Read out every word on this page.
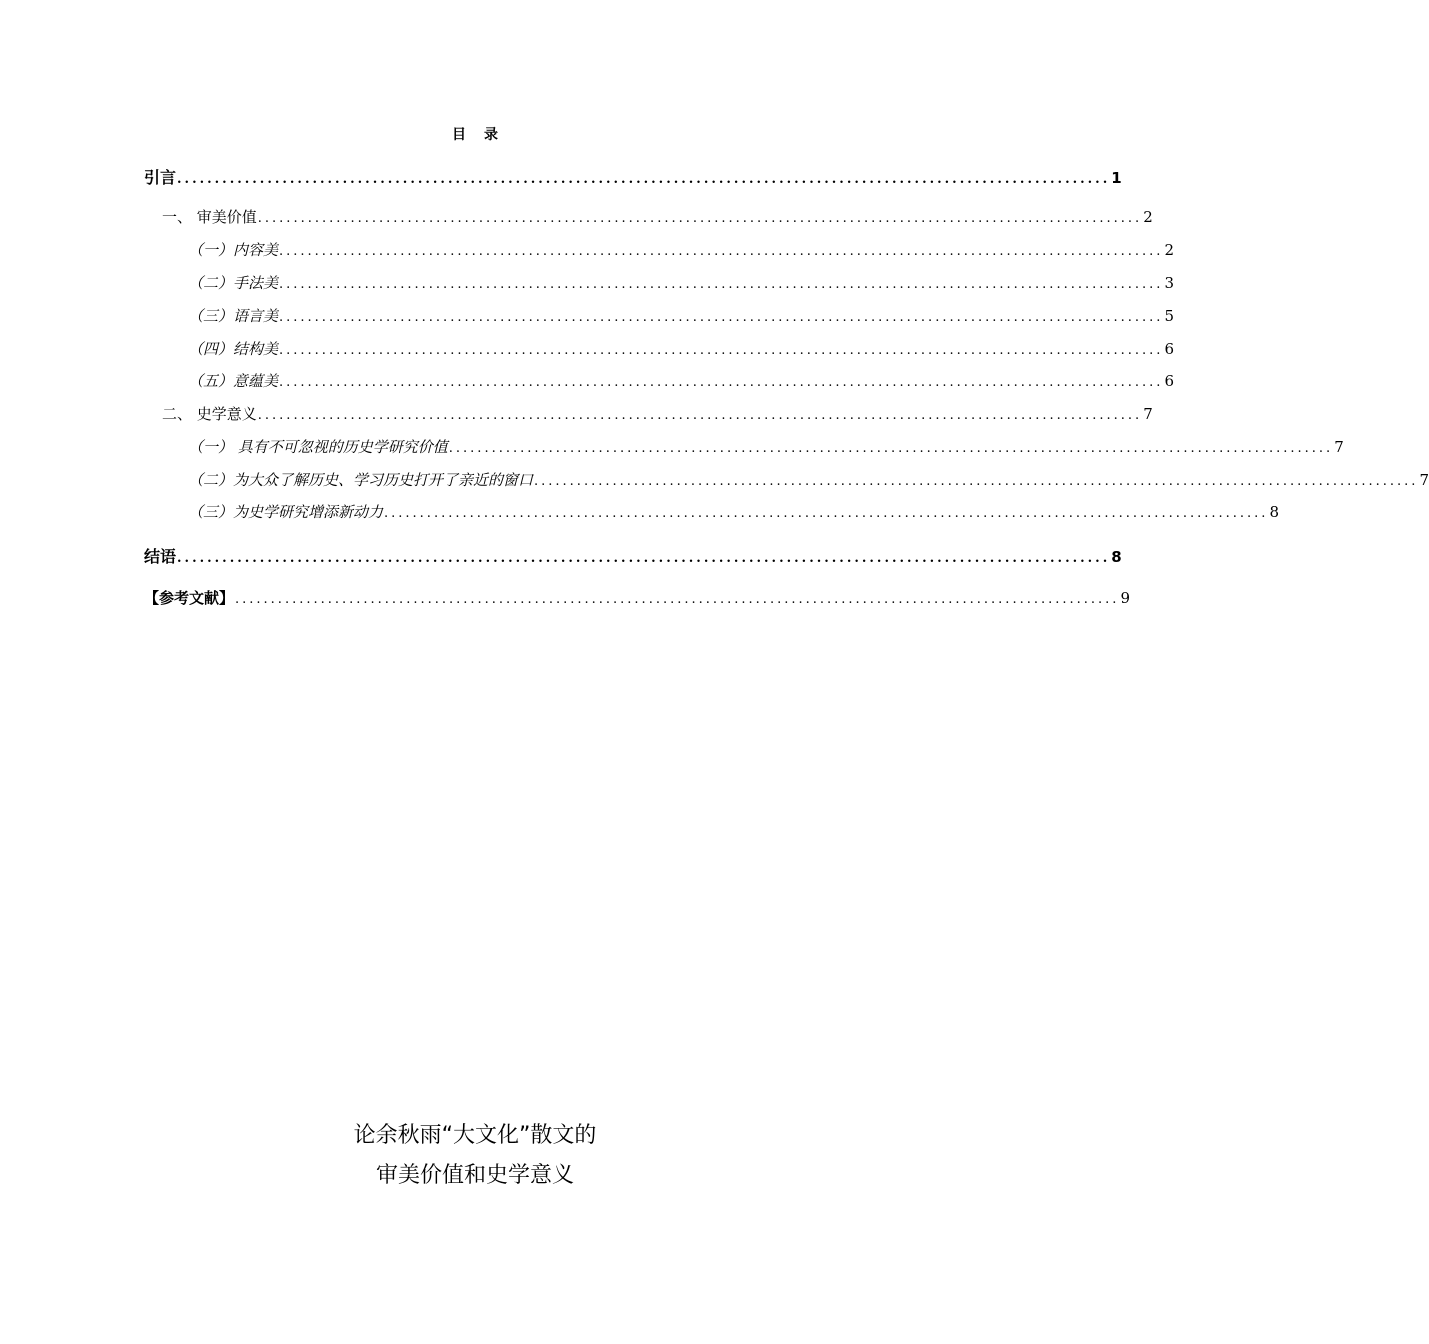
目 录
引言 ............................................................................................................................ 1
一、 审美价值 ............................................................................................................................ 2
（一）内容美 ............................................................................................................................ 2
（二）手法美 ............................................................................................................................ 3
（三）语言美 ............................................................................................................................ 5
（四）结构美 ............................................................................................................................ 6
（五）意蕴美 ............................................................................................................................ 6
二、 史学意义 ............................................................................................................................ 7
（一） 具有不可忽视的历史学研究价值 ............................................................................................................................ 7
（二）为大众了解历史、学习历史打开了亲近的窗口 ............................................................................................................................ 7
（三）为史学研究增添新动力 ............................................................................................................................ 8
结语 ............................................................................................................................ 8
【参考文献】 ............................................................................................................................ 9
论余秋雨“大文化”散文的
审美价值和史学意义
